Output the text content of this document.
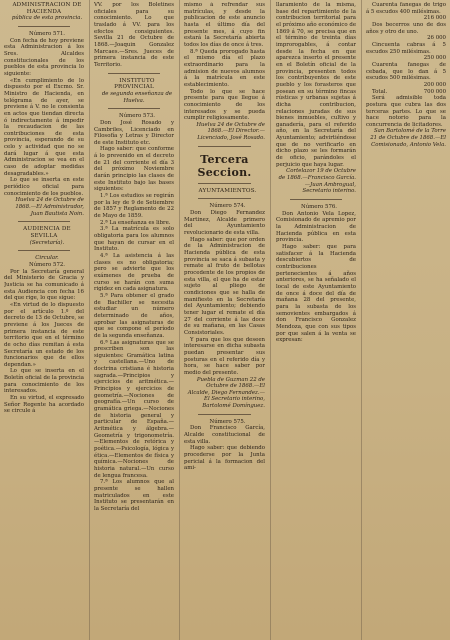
ADMINISTRACION DE HACIENDA

pública de esta provincia.

Número 571.

Con fecha de hoy previene esta Administracion á los Sres. Alcaldes constitucionales de los pueblos de esta provincia lo siguiente:

«En cumplimiento de lo dispuesto por el Excmo. Sr. Ministro de Hacienda, en telégrama de ayer, se previene á V. no le consienta en actos que tiendan directa ó indirectamente á impedir la recaudacion de las contribuciones de esta provincia, esperando de su celo y actividad que no se dará lugar á que esta Administracion se vea en el caso de adoptar medidas desagradables.»

Lo que se inserta en este periódico oficial para conocimiento de los pueblos.

Huelva 24 de Octubre de 1868.—El Administrador, Juan Bautista Noin.

AUDIENCIA DE SEVILLA

(Secretaría).

Circular.

Número 572.

Por la Secretaría general del Ministerio de Gracia y Justicia se ha comunicado á esta Audiencia con fecha 16 del que rige, lo que sigue:

«En virtud de lo dispuesto por el artículo 1.º del decreto de 13 de Octubre, se previene á los Jueces de primera instancia de este territorio que en el término de ocho días remitan á esta Secretaría un estado de los funcionarios que de ellos dependan.»

Lo que se inserta en el Boletín oficial de la provincia para conocimiento de los interesados.

En su virtud, el expresado Señor Regente ha acordado se circule á

VV. por los Boletines oficiales para su conocimiento. Lo que traslado á VV. para los efectos consiguientes. Sevilla 21 de Octubre de 1868.—Joaquin Gonzalez Marcaes.—Sres. Jueces de primera instancia de este Territorio.

INSTITUTO PROVINCIAL

de segunda enseñanza de Huelva.

Número 573.

Don José Rosado y Cambriles, Licenciado en Filosofía y Letras y Director de este Instituto etc.

Hago saber: que conforme á lo prevenido en el decreto de 21 del corriente el día 3 del próximo Noviembre darán principio las clases de este Instituto bajo las bases siguientes:

1.ª Los estudios se regirán por la ley de 9 de Setiembre de 1857 y Reglamento de 22 de Mayo de 1859.

2.ª La enseñanza es libre.

3.ª La matrícula es solo obligatoria para los alumnos que hayan de cursar en el Instituto.

4.ª La asistencia á las clases es no obligatoria; pero se advierte que los exámenes de prueba de curso se harán con suma rigidez en cada asignatura.

5.ª Para obtener el grado de Bachiller se necesita estudiar un número determinado de años, aprobar las asignaturas de que se compone el período de la segunda enseñanza.

6.ª Las asignaturas que se prescriben son las siguientes: Gramática latina y castellana.—Uno de doctrina cristiana é historia sagrada.—Principios y ejercicios de aritmética.—Principios y ejercicios de geometría.—Nociones de geografía.—Un curso de gramática griega.—Nociones de historia general y particular de España.—Aritmética y álgebra.—Geometría y trigonometría.—Elementos de retórica y poética.—Psicología, lógica y ética.—Elementos de física y química.—Nociones de historia natural.—Un curso de lengua francesa.

7.ª Los alumnos que al presente se hallen matriculados en este Instituto se presentarán en la Secretaría del

mismo á refrendar sus matrículas, y desde la publicacion de este anuncio hasta el último día del presente mes, á cuyo fin estará la Secretaría abierta todos los días de once á tres.

8.ª Queda prorogado hasta el mismo día el plazo extraordinario para la admision de nuevos alumnos á la matrícula en este establecimiento.

Todo lo que se hace presente para que llegue á conocimiento de los interesados y se pueda cumplir religiosamente.

Huelva 24 de Octubre de 1868.—El Director.—Licenciado, José Rosado.

Tercera Seccion.

AYUNTAMIENTOS.

Número 574.

Don Diego Fernandez Martinez, Alcalde primero del Ayuntamiento revolucionario de esta villa.

Hago saber: que por orden de la Administracion de Hacienda pública de esta provincia se saca á subasta y remate al fruto de bellotas procedente de los propios de esta villa, el que ha de estar sujeto al pliego de condiciones que se halla de manifiesto en la Secretaría del Ayuntamiento; debiendo tener lugar el remate el día 27 del corriente á las doce de su mañana, en las Casas Consistoriales.

Y para que los que deseen interesarse en dicha subasta puedan presentar sus posturas en el referido día y hora, se hace saber por medio del presente.

Puebla de Guzman 22 de Octubre de 1868.—El Alcalde, Diego Fernandez.—El Secretario interino, Bartolomé Domínguez.

Número 575.

Don Francisco García, Alcalde constitucional de esta villa.

Hago saber: que debiendo procederse por la Junta pericial á la formacion del ami-

llaramiento de la misma, base del repartimiento de la contribucion territorial para el próximo año económico de 1869 á 70, se precisa que en el término de treinta días improrogables, á contar desde la fecha en que aparezca inserto el presente en el Boletín oficial de la provincia, presenten todos los contribuyentes de este pueblo y los forasteros que posean en su término fincas rústicas y urbanas sujetas á dicha contribucion, relaciones juradas de sus bienes inmuebles, cultivo y ganadería, para el referido año, en la Secretaría del Ayuntamiento; advirtiéndose que de no verificarlo en dicho plazo se les formarán de oficio, parándoles el perjuicio que haya lugar.

Cortelazor 19 de Octubre de 1868.—Francisco García.—Juan Ambrogual, Secretario interino.

Número 576.

Don Antonio Vela Lopez, Comisionado de apremio por la Administracion de Hacienda pública en esta provincia.

Hago saber: que para satisfacer á la Hacienda descubiertos de contribuciones pertenecientes á años anteriores, se ha señalado el local de este Ayuntamiento de once á doce del día de mañana 28 del presente, para la subasta de los semovientes embargados á don Francisco Gonzalez Mendoza, que con sus tipos por que salen á la venta se expresan:

Cuarenta fanegas de trigo á 5 escudos 400 milésimas.

216 000

Dos becerros uno de dos años y otro de uno.

26 000

Cincuenta cabras á 5 escudos 250 milésimas.

250 000

Cuarenta fanegas de cebada, que lo dan á 5 escudos 500 milésimas.

200 000

Total.	700 000

Será admisible toda postura que cubra las dos terceras partes. Lo que se hace notorio para la concurrencia de licitadores.

San Bartolomé de la Torre 21 de Octubre de 1868.—El Comisionado, Antonio Vela.
